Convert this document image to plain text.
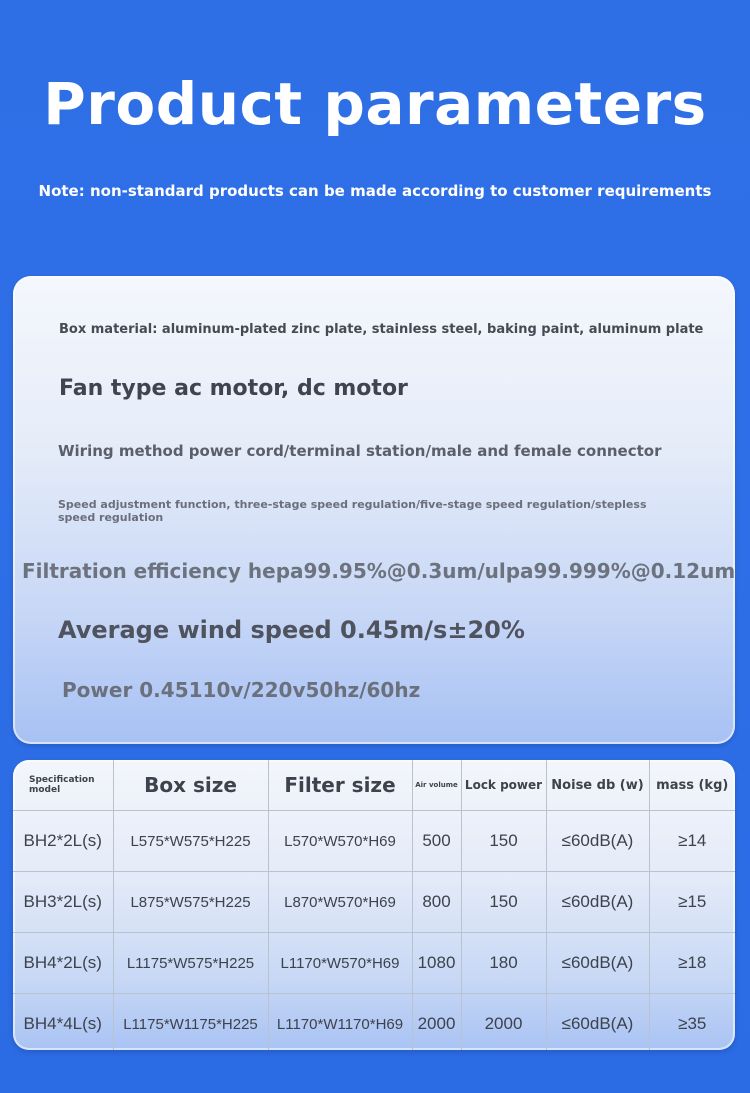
Product parameters
Note: non-standard products can be made according to customer requirements
Box material: aluminum-plated zinc plate, stainless steel, baking paint, aluminum plate
Fan type ac motor, dc motor
Wiring method power cord/terminal station/male and female connector
Speed adjustment function, three-stage speed regulation/five-stage speed regulation/stepless speed regulation
Filtration efficiency hepa99.95%@0.3um/ulpa99.999%@0.12um
Average wind speed 0.45m/s±20%
Power 0.45110v/220v50hz/60hz
Specification model	Box size	Filter size	Air volume	Lock power	Noise db (w)	mass (kg)
BH2*2L(s)	L575*W575*H225	L570*W570*H69	500	150	≤60dB(A)	≥14
BH3*2L(s)	L875*W575*H225	L870*W570*H69	800	150	≤60dB(A)	≥15
BH4*2L(s)	L1175*W575*H225	L1170*W570*H69	1080	180	≤60dB(A)	≥18
BH4*4L(s)	L1175*W1175*H225	L1170*W1170*H69	2000	2000	≤60dB(A)	≥35
